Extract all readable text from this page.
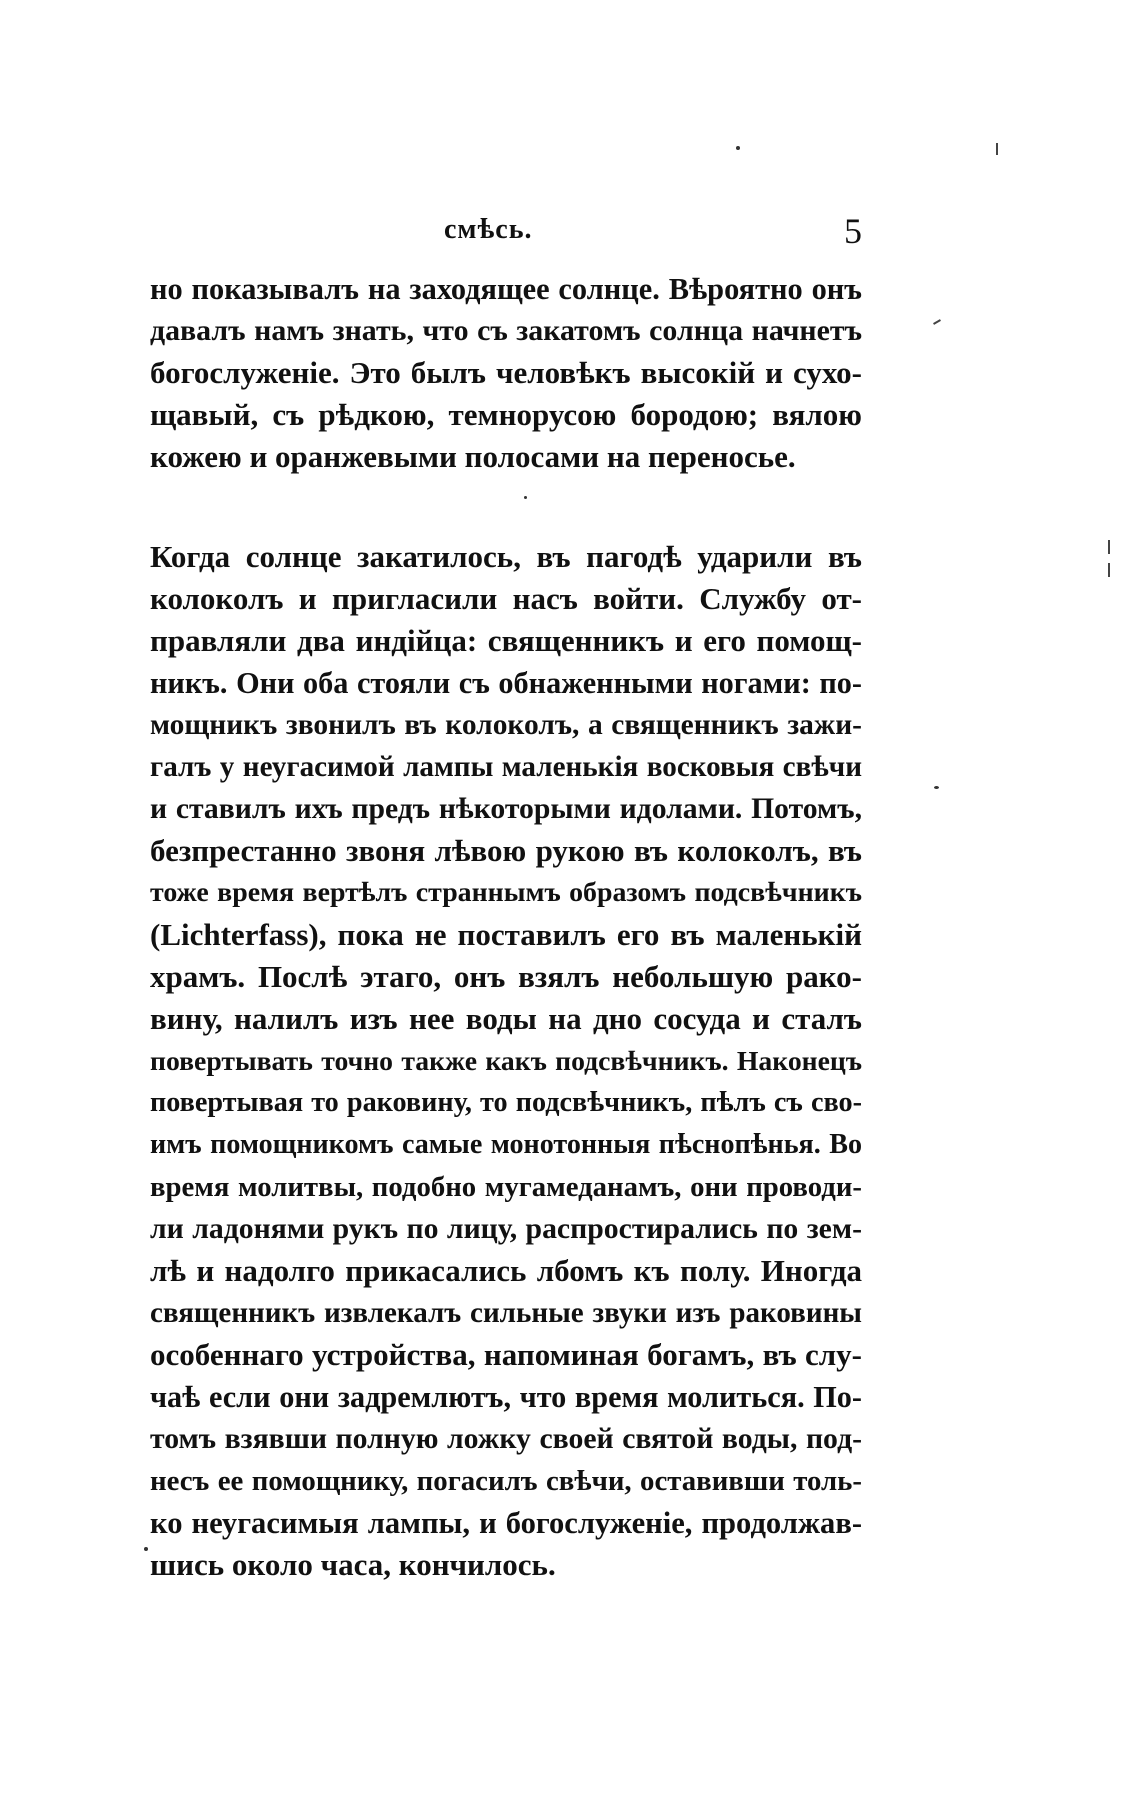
смѣсь.	5
но показывалъ на заходящее солнце. Вѣроятно онъ
давалъ намъ знать, что съ закатомъ солнца начнетъ
богослуженіе. Это былъ человѣкъ высокій и сухо-
щавый, съ рѣдкою, темнорусою бородою; вялою
кожею и оранжевыми полосами на переносье.
Когда солнце закатилось, въ пагодѣ ударили въ
колоколъ и пригласили насъ войти. Службу от-
правляли два индійца: священникъ и его помощ-
никъ. Они оба стояли съ обнаженными ногами: по-
мощникъ звонилъ въ колоколъ, а священникъ зажи-
галъ у неугасимой лампы маленькія восковыя свѣчи
и ставилъ ихъ предъ нѣкоторыми идолами. Потомъ,
безпрестанно звоня лѣвою рукою въ колоколъ, въ
тоже время вертѣлъ страннымъ образомъ подсвѣчникъ
(Lichterfass), пока не поставилъ его въ маленькій
храмъ. Послѣ этаго, онъ взялъ небольшую рако-
вину, налилъ изъ нее воды на дно сосуда и сталъ
повертывать точно также какъ подсвѣчникъ. Наконецъ
повертывая то раковину, то подсвѣчникъ, пѣлъ съ сво-
имъ помощникомъ самые монотонныя пѣснопѣнья. Во
время молитвы, подобно мугамеданамъ, они проводи-
ли ладонями рукъ по лицу, распростирались по зем-
лѣ и надолго прикасались лбомъ къ полу. Иногда
священникъ извлекалъ сильные звуки изъ раковины
особеннаго устройства, напоминая богамъ, въ слу-
чаѣ если они задремлютъ, что время молиться. По-
томъ взявши полную ложку своей святой воды, под-
несъ ее помощнику, погасилъ свѣчи, оставивши толь-
ко неугасимыя лампы, и богослуженіе, продолжав-
шись около часа, кончилось.
